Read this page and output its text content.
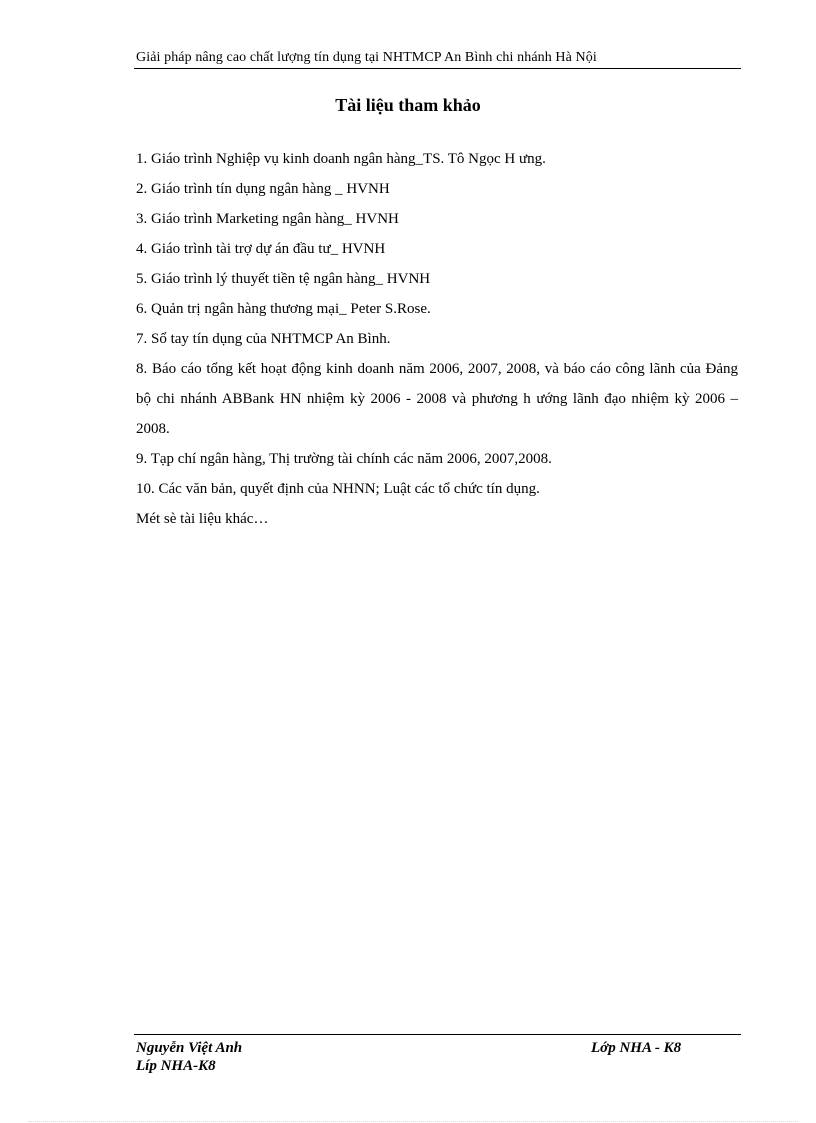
Giải pháp nâng cao chất lượng tín dụng tại NHTMCP An Bình chi nhánh Hà Nội
Tài liệu tham khảo
1. Giáo trình Nghiệp vụ kinh doanh ngân hàng_TS. Tô Ngọc H ưng.
2. Giáo trình tín dụng ngân hàng _ HVNH
3. Giáo trình Marketing ngân hàng_ HVNH
4. Giáo trình tài trợ dự án đầu tư_ HVNH
5. Giáo trình lý thuyết tiền tệ ngân hàng_ HVNH
6. Quản trị ngân hàng thương mại_ Peter S.Rose.
7. Sổ tay tín dụng của NHTMCP An Bình.
8. Báo cáo tổng kết hoạt động kinh doanh năm 2006, 2007, 2008, và báo cáo công lãnh của Đảng bộ chi nhánh ABBank HN nhiệm kỳ 2006 - 2008 và phương h ướng lãnh đạo nhiệm kỳ 2006 – 2008.
9. Tạp chí ngân hàng, Thị trường tài chính các năm 2006, 2007,2008.
10. Các văn bản, quyết định của NHNN; Luật các tổ chức tín dụng.
Mét sè tài liệu khác…
Nguyễn Việt Anh
Líp NHA-K8
Lớp NHA - K8
